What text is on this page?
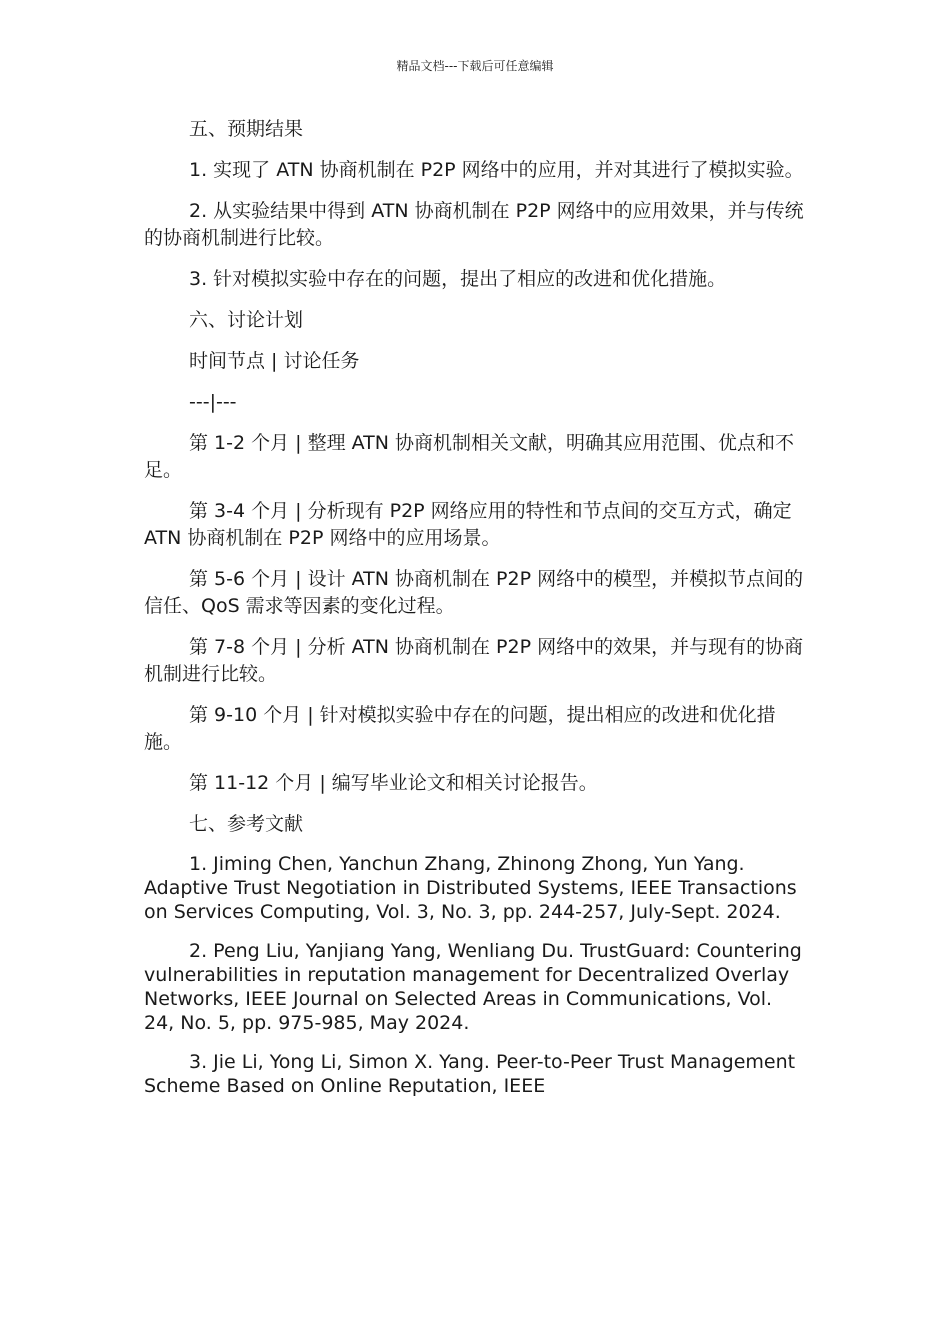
精品文档---下载后可任意编辑

五、预期结果

1. 实现了 ATN 协商机制在 P2P 网络中的应用，并对其进行了模拟实验。

2. 从实验结果中得到 ATN 协商机制在 P2P 网络中的应用效果，并与传统的协商机制进行比较。

3. 针对模拟实验中存在的问题，提出了相应的改进和优化措施。

六、讨论计划

时间节点 | 讨论任务

---|---

第 1-2 个月 | 整理 ATN 协商机制相关文献，明确其应用范围、优点和不足。

第 3-4 个月 | 分析现有 P2P 网络应用的特性和节点间的交互方式，确定 ATN 协商机制在 P2P 网络中的应用场景。

第 5-6 个月 | 设计 ATN 协商机制在 P2P 网络中的模型，并模拟节点间的信任、QoS 需求等因素的变化过程。

第 7-8 个月 | 分析 ATN 协商机制在 P2P 网络中的效果，并与现有的协商机制进行比较。

第 9-10 个月 | 针对模拟实验中存在的问题，提出相应的改进和优化措施。

第 11-12 个月 | 编写毕业论文和相关讨论报告。

七、参考文献

1. Jiming Chen, Yanchun Zhang, Zhinong Zhong, Yun Yang. Adaptive Trust Negotiation in Distributed Systems, IEEE Transactions on Services Computing, Vol. 3, No. 3, pp. 244-257, July-Sept. 2024.

2. Peng Liu, Yanjiang Yang, Wenliang Du. TrustGuard: Countering vulnerabilities in reputation management for Decentralized Overlay Networks, IEEE Journal on Selected Areas in Communications, Vol. 24, No. 5, pp. 975-985, May 2024.

3. Jie Li, Yong Li, Simon X. Yang. Peer-to-Peer Trust Management Scheme Based on Online Reputation, IEEE
